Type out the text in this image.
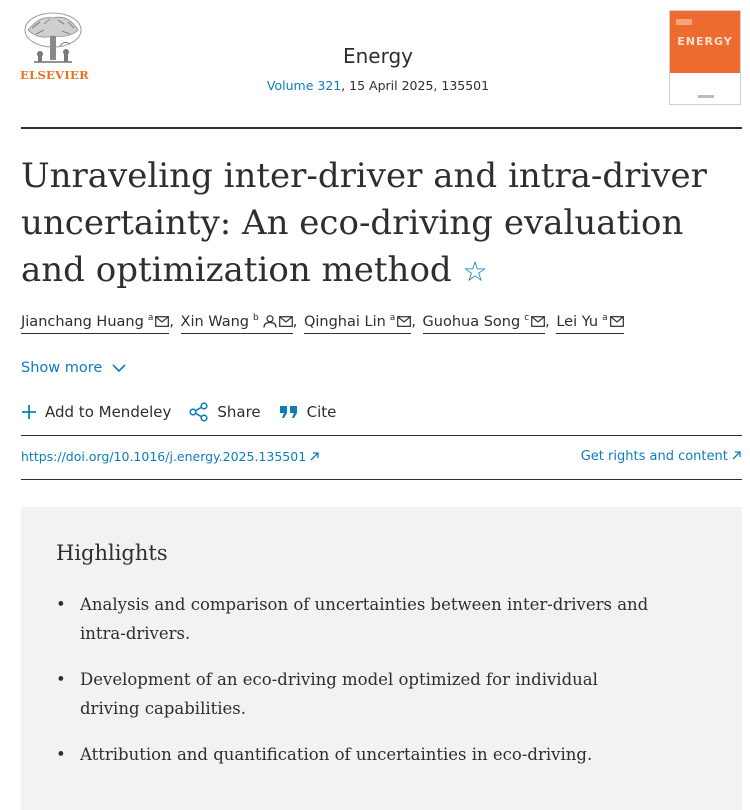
ELSEVIER
Energy
Volume 321, 15 April 2025, 135501
ENERGY
Unraveling inter-driver and intra-driver uncertainty: An eco-driving evaluation and optimization method ☆
Jianchang Huang $^a$ , Xin Wang $^b$ , Qinghai Lin $^a$ , Guohua Song $^c$ , Lei Yu $^a$
Show more
Add to Mendeley	Share	Cite
https://doi.org/10.1016/j.energy.2025.135501	Get rights and content
Highlights
• Analysis and comparison of uncertainties between inter-drivers and intra-drivers.
• Development of an eco-driving model optimized for individual driving capabilities.
• Attribution and quantification of uncertainties in eco-driving.
